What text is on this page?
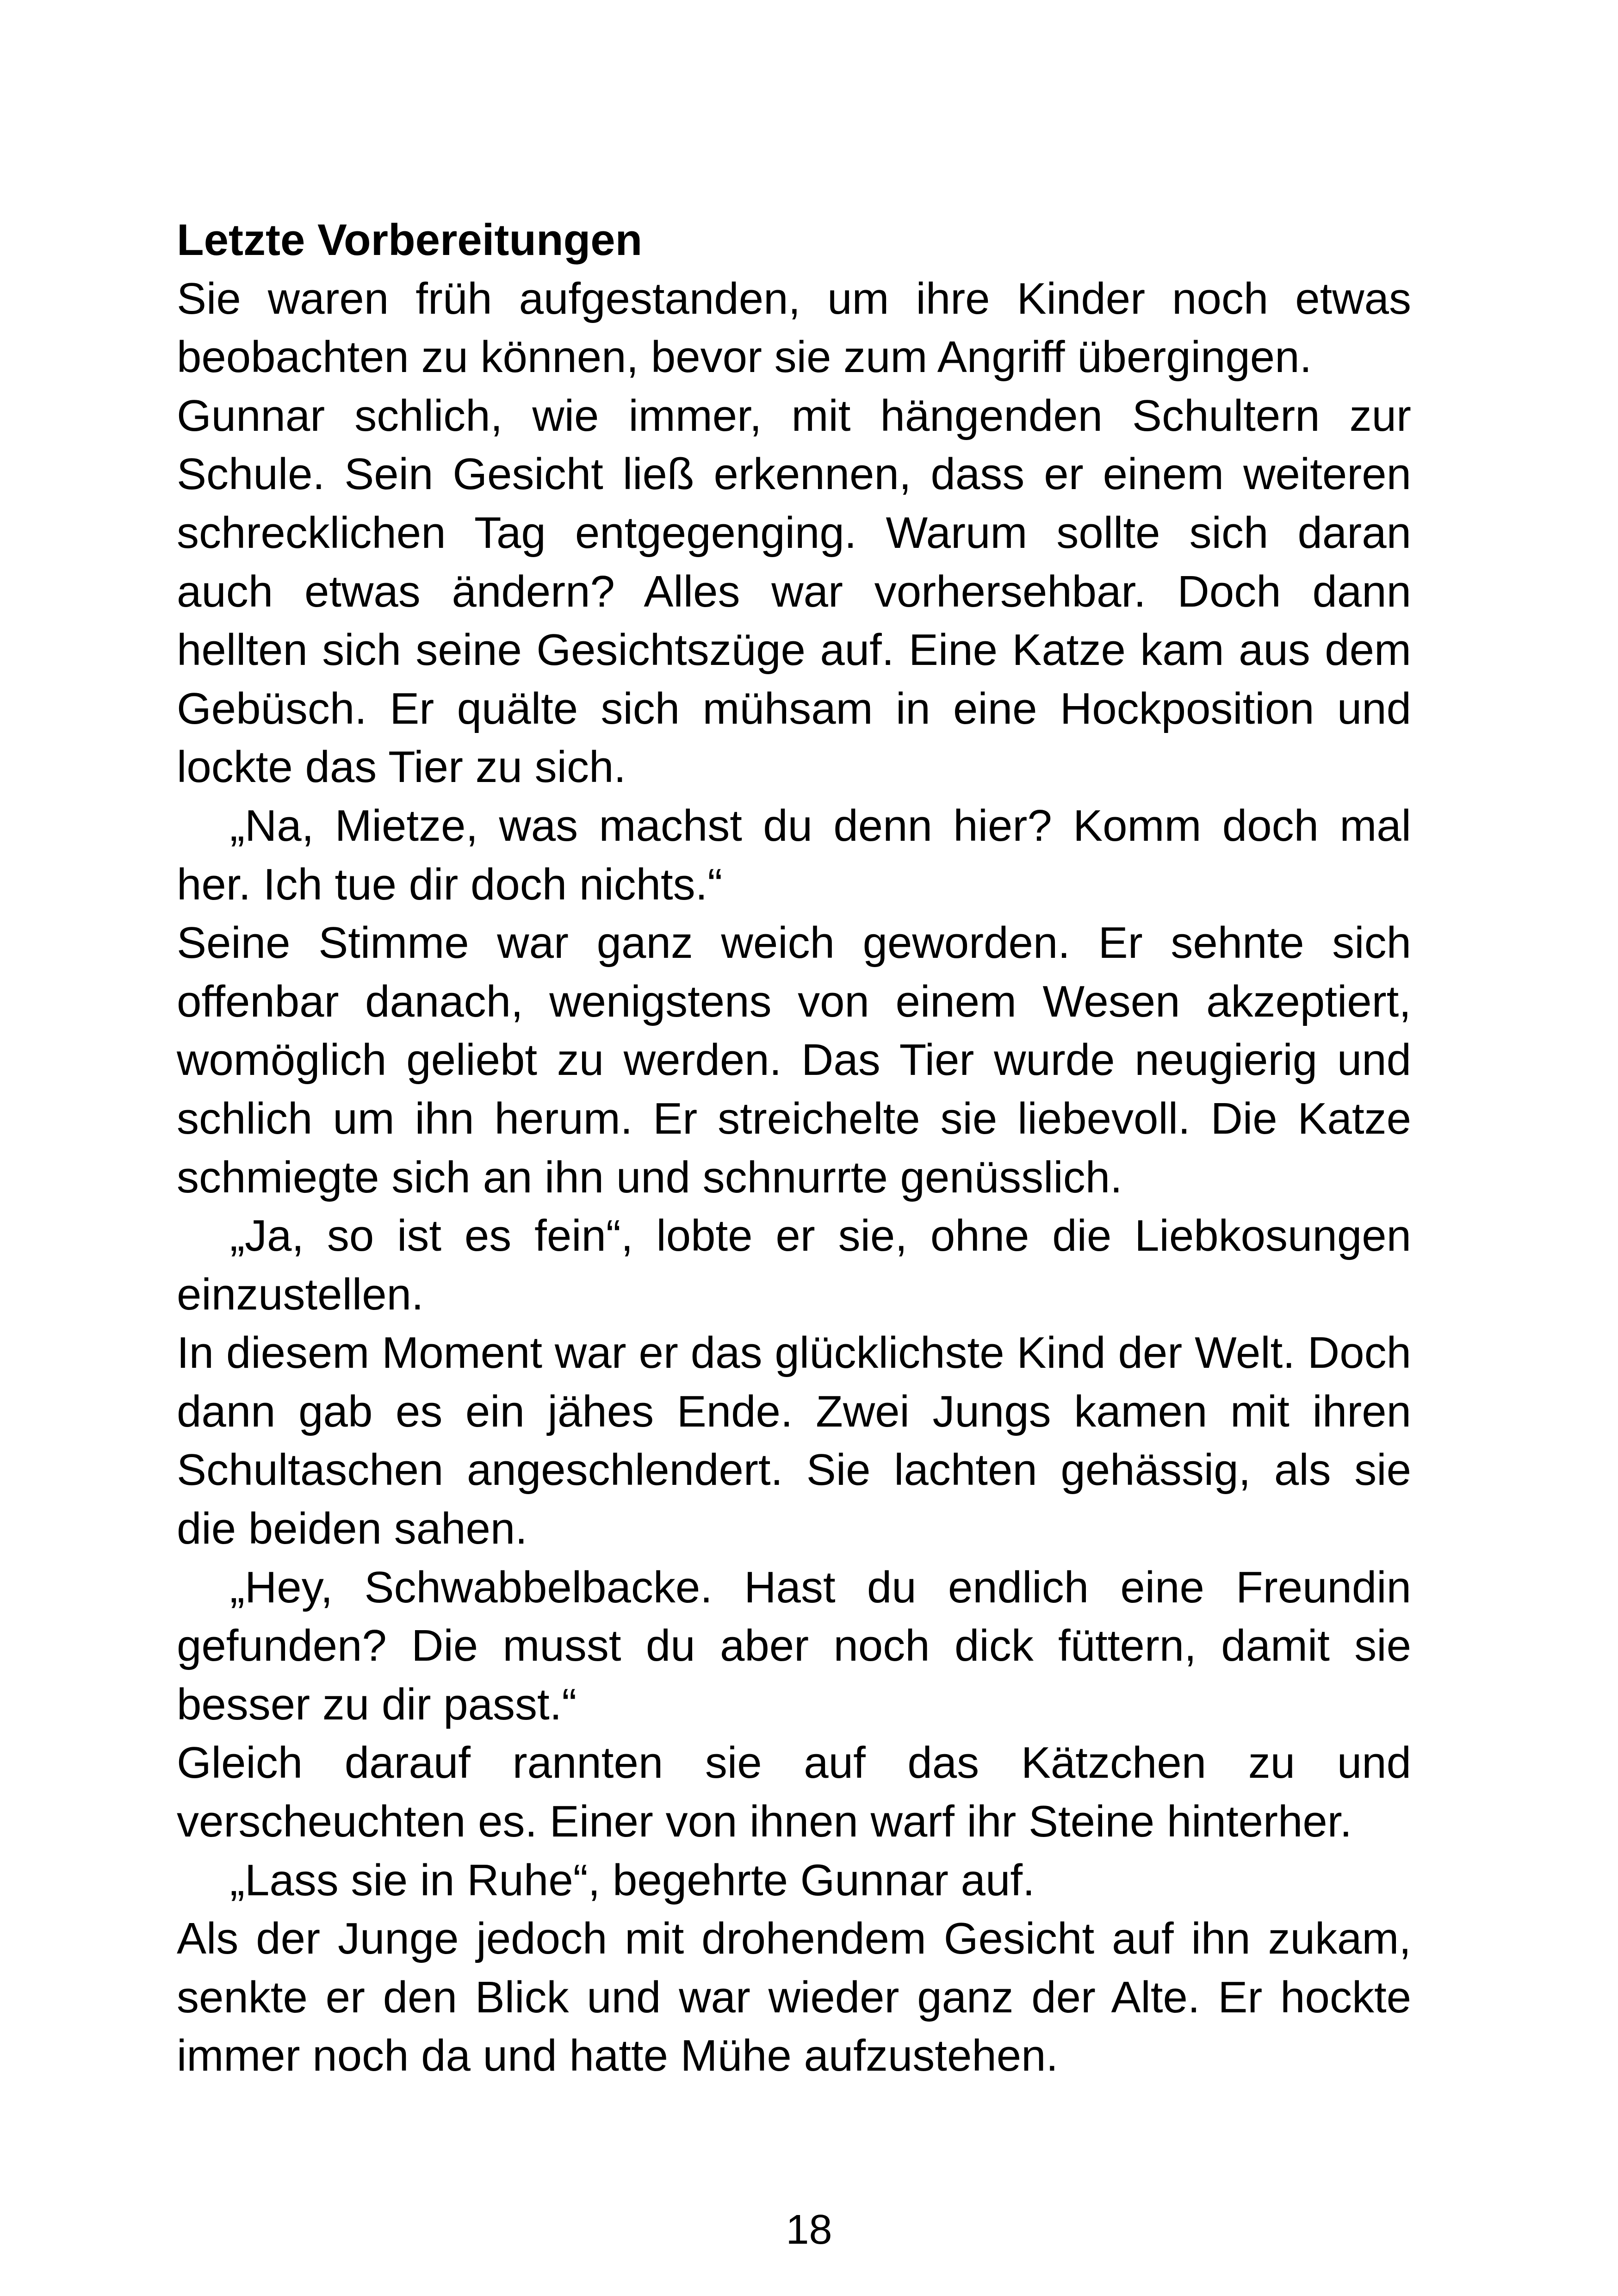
Letzte Vorbereitungen

Sie waren früh aufgestanden, um ihre Kinder noch etwas beobachten zu können, bevor sie zum Angriff übergingen.

Gunnar schlich, wie immer, mit hängenden Schultern zur Schule. Sein Gesicht ließ erkennen, dass er einem weiteren schrecklichen Tag entgegenging. Warum sollte sich daran auch etwas ändern? Alles war vorhersehbar. Doch dann hellten sich seine Gesichtszüge auf. Eine Katze kam aus dem Gebüsch. Er quälte sich mühsam in eine Hockposition und lockte das Tier zu sich.

„Na, Mietze, was machst du denn hier? Komm doch mal her. Ich tue dir doch nichts.“

Seine Stimme war ganz weich geworden. Er sehnte sich offenbar danach, wenigstens von einem Wesen akzeptiert, womöglich geliebt zu werden. Das Tier wurde neugierig und schlich um ihn herum. Er streichelte sie liebevoll. Die Katze schmiegte sich an ihn und schnurrte genüsslich.

„Ja, so ist es fein“, lobte er sie, ohne die Liebkosungen einzustellen.

In diesem Moment war er das glücklichste Kind der Welt. Doch dann gab es ein jähes Ende. Zwei Jungs kamen mit ihren Schultaschen angeschlendert. Sie lachten gehässig, als sie die beiden sahen.

„Hey, Schwabbelbacke. Hast du endlich eine Freundin gefunden? Die musst du aber noch dick füttern, damit sie besser zu dir passt.“

Gleich darauf rannten sie auf das Kätzchen zu und verscheuchten es. Einer von ihnen warf ihr Steine hinterher.

„Lass sie in Ruhe“, begehrte Gunnar auf.

Als der Junge jedoch mit drohendem Gesicht auf ihn zukam, senkte er den Blick und war wieder ganz der Alte. Er hockte immer noch da und hatte Mühe aufzustehen.

18
